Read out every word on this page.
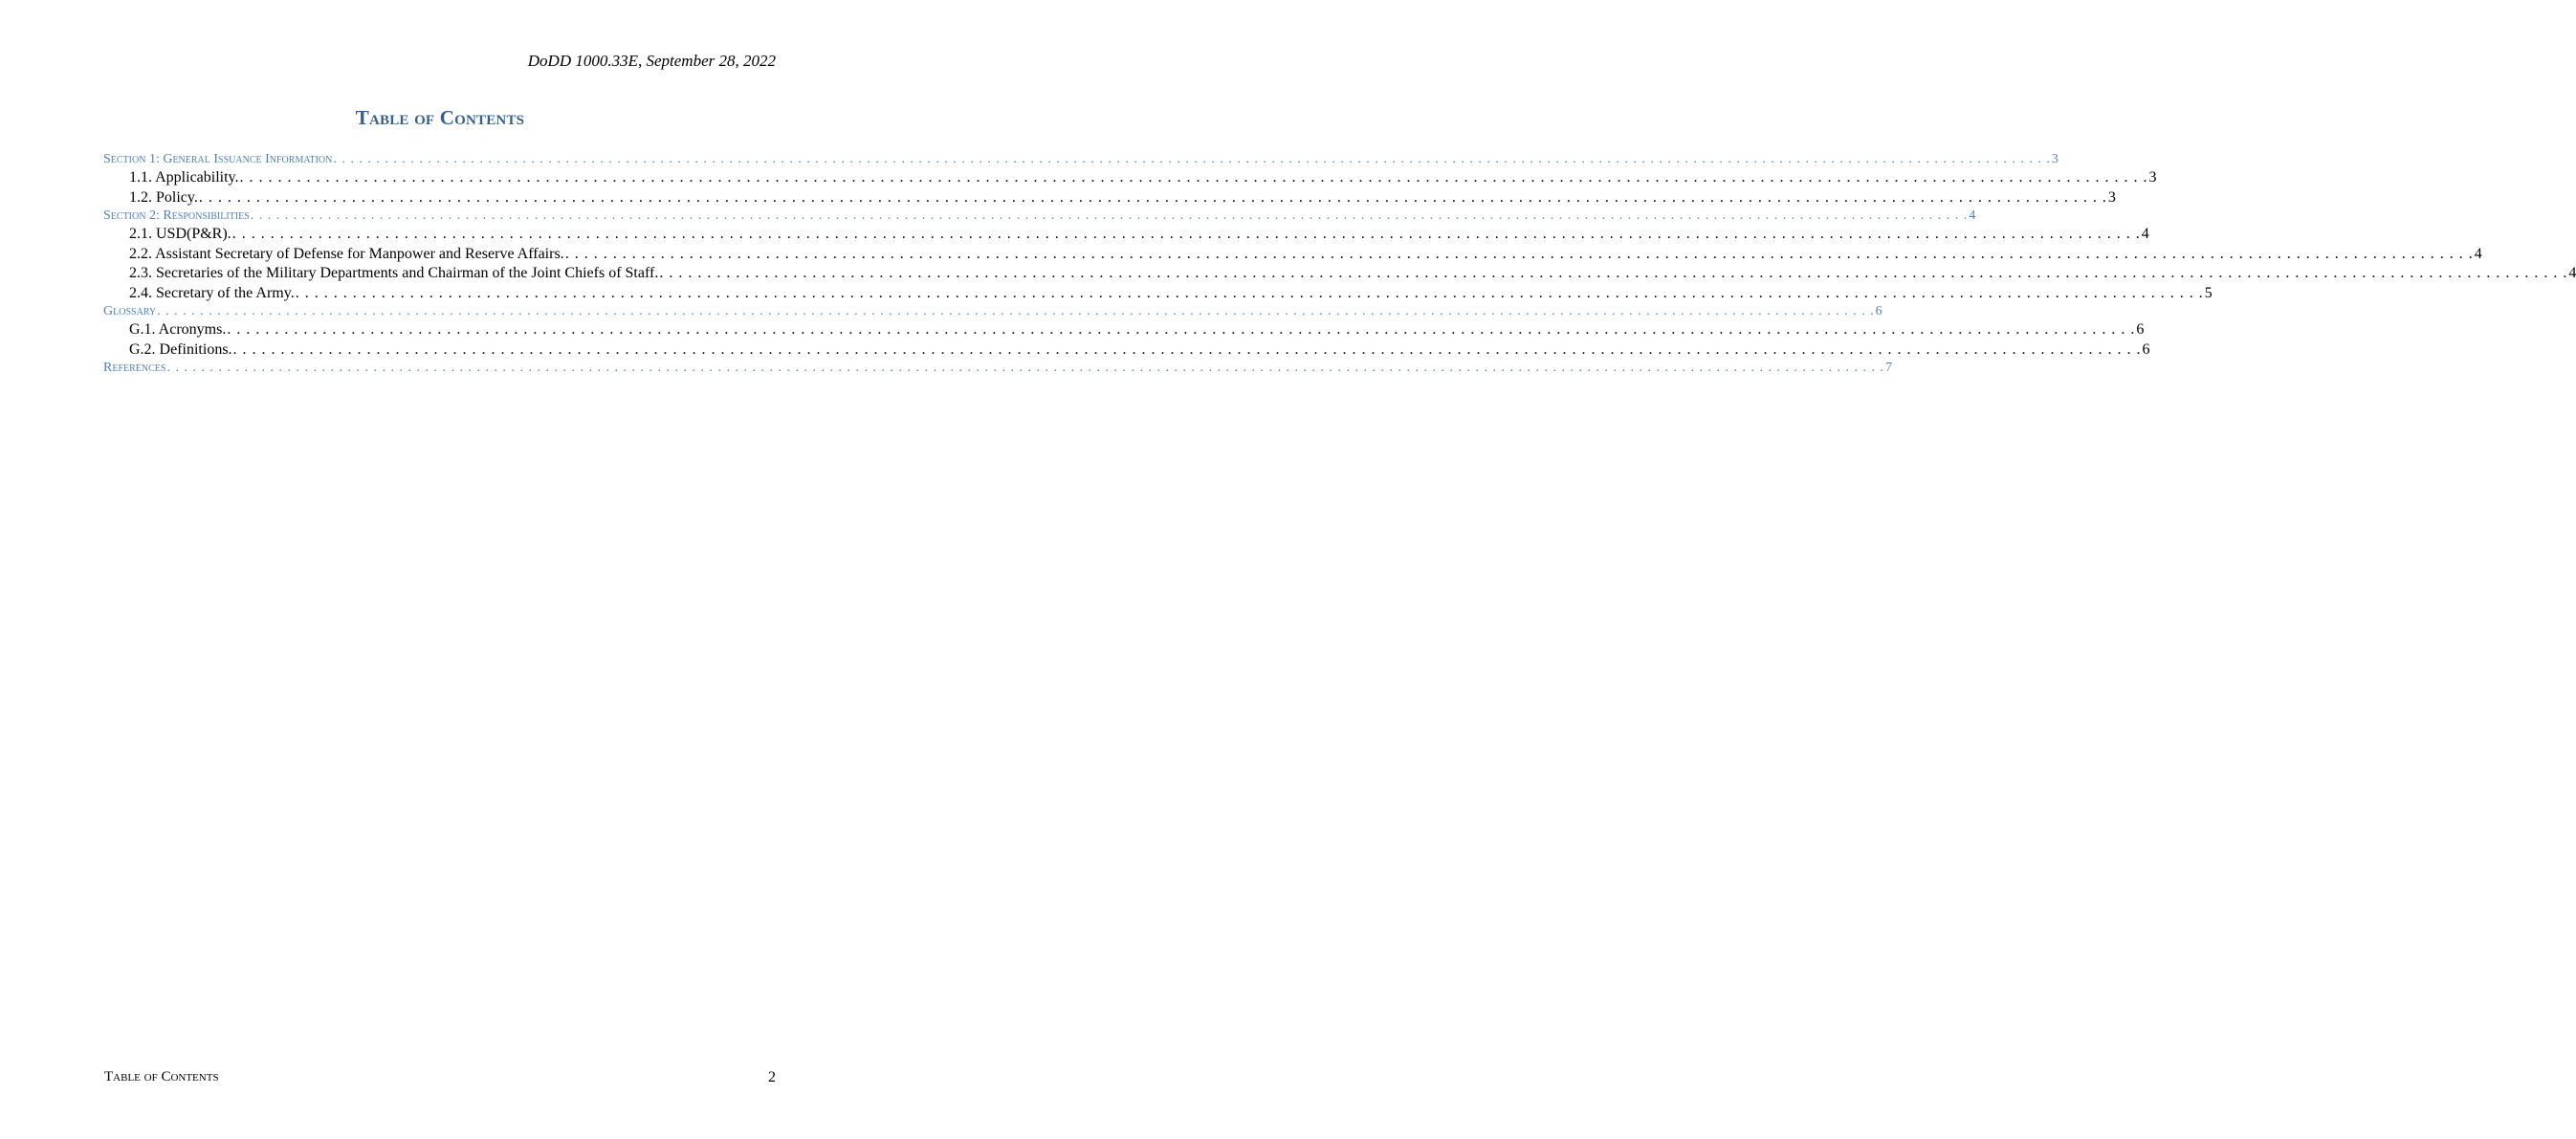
DoDD 1000.33E, September 28, 2022
Table of Contents
Section 1: General Issuance Information . . . . . . . . . . . . . . . . . . . . . . . . . . . . . . . . . . . . . . . . . . . . . . . . . . . . . . . . . . . . . . . . . . . . . . . . . . . . . . . . . . . . . . . . . . . . . . . . . . . . . . . . . . . . . . . . . . . . . . . . . . . . . . . . . . . . . . . . . . . . . . . . . . . . . . . . . . . . . . . . . . . . . . . . . . . . . . . . . . . . . . . . . . . . . . . . . . . . . . . . 3
1.1. Applicability. . . . . . . . . . . . . . . . . . . . . . . . . . . . . . . . . . . . . . . . . . . . . . . . . . . . . . . . . . . . . . . . . . . . . . . . . . . . . . . . . . . . . . . . . . . . . . . . . . . . . . . . . . . . . . . . . . . . . . . . . . . . . . . . . . . . . . . . . . . . . . . . . . . . . . . . . . . . . . . . . . . . . . . . . . . . . . . . . . . . . . . . . . . . . . . . . . . . . . . . . 3
1.2. Policy. . . . . . . . . . . . . . . . . . . . . . . . . . . . . . . . . . . . . . . . . . . . . . . . . . . . . . . . . . . . . . . . . . . . . . . . . . . . . . . . . . . . . . . . . . . . . . . . . . . . . . . . . . . . . . . . . . . . . . . . . . . . . . . . . . . . . . . . . . . . . . . . . . . . . . . . . . . . . . . . . . . . . . . . . . . . . . . . . . . . . . . . . . . . . . . . . . . . . . . . . 3
Section 2: Responsibilities . . . . . . . . . . . . . . . . . . . . . . . . . . . . . . . . . . . . . . . . . . . . . . . . . . . . . . . . . . . . . . . . . . . . . . . . . . . . . . . . . . . . . . . . . . . . . . . . . . . . . . . . . . . . . . . . . . . . . . . . . . . . . . . . . . . . . . . . . . . . . . . . . . . . . . . . . . . . . . . . . . . . . . . . . . . . . . . . . . . . . . . . . . . . . . . . . . . . . . . . 4
2.1. USD(P&R). . . . . . . . . . . . . . . . . . . . . . . . . . . . . . . . . . . . . . . . . . . . . . . . . . . . . . . . . . . . . . . . . . . . . . . . . . . . . . . . . . . . . . . . . . . . . . . . . . . . . . . . . . . . . . . . . . . . . . . . . . . . . . . . . . . . . . . . . . . . . . . . . . . . . . . . . . . . . . . . . . . . . . . . . . . . . . . . . . . . . . . . . . . . . . . . . . . . . . . . . 4
2.2. Assistant Secretary of Defense for Manpower and Reserve Affairs. . . . . . . . . . . . . . . . . . . . . . . . . . . . . . . . . . . . . . . . . . . . . . . . . . . . . . . . . . . . . . . . . . . . . . . . . . . . . . . . . . . . . . . . . . . . . . . . . . . . . . . . . . . . . . . . . . . . . . . . . . . . . . . . . . . . . . . . . . . . . . . . . . . . . . . . . . . . . . . . . . . . . . . . . . . . . . . . . . . . . . . . . . . . . . . . . . . . . . . . . 4
2.3. Secretaries of the Military Departments and Chairman of the Joint Chiefs of Staff. . . . . . . . . . . . . . . . . . . . . . . . . . . . . . . . . . . . . . . . . . . . . . . . . . . . . . . . . . . . . . . . . . . . . . . . . . . . . . . . . . . . . . . . . . . . . . . . . . . . . . . . . . . . . . . . . . . . . . . . . . . . . . . . . . . . . . . . . . . . . . . . . . . . . . . . . . . . . . . . . . . . . . . . . . . . . . . . . . . . . . . . . . . . . . . . . . . . . . . . . 4
2.4. Secretary of the Army. . . . . . . . . . . . . . . . . . . . . . . . . . . . . . . . . . . . . . . . . . . . . . . . . . . . . . . . . . . . . . . . . . . . . . . . . . . . . . . . . . . . . . . . . . . . . . . . . . . . . . . . . . . . . . . . . . . . . . . . . . . . . . . . . . . . . . . . . . . . . . . . . . . . . . . . . . . . . . . . . . . . . . . . . . . . . . . . . . . . . . . . . . . . . . . . . . . . . . . . . 5
Glossary . . . . . . . . . . . . . . . . . . . . . . . . . . . . . . . . . . . . . . . . . . . . . . . . . . . . . . . . . . . . . . . . . . . . . . . . . . . . . . . . . . . . . . . . . . . . . . . . . . . . . . . . . . . . . . . . . . . . . . . . . . . . . . . . . . . . . . . . . . . . . . . . . . . . . . . . . . . . . . . . . . . . . . . . . . . . . . . . . . . . . . . . . . . . . . . . . . . . . . . . 6
G.1. Acronyms. . . . . . . . . . . . . . . . . . . . . . . . . . . . . . . . . . . . . . . . . . . . . . . . . . . . . . . . . . . . . . . . . . . . . . . . . . . . . . . . . . . . . . . . . . . . . . . . . . . . . . . . . . . . . . . . . . . . . . . . . . . . . . . . . . . . . . . . . . . . . . . . . . . . . . . . . . . . . . . . . . . . . . . . . . . . . . . . . . . . . . . . . . . . . . . . . . . . . . . . . 6
G.2. Definitions. . . . . . . . . . . . . . . . . . . . . . . . . . . . . . . . . . . . . . . . . . . . . . . . . . . . . . . . . . . . . . . . . . . . . . . . . . . . . . . . . . . . . . . . . . . . . . . . . . . . . . . . . . . . . . . . . . . . . . . . . . . . . . . . . . . . . . . . . . . . . . . . . . . . . . . . . . . . . . . . . . . . . . . . . . . . . . . . . . . . . . . . . . . . . . . . . . . . . . . . . 6
References . . . . . . . . . . . . . . . . . . . . . . . . . . . . . . . . . . . . . . . . . . . . . . . . . . . . . . . . . . . . . . . . . . . . . . . . . . . . . . . . . . . . . . . . . . . . . . . . . . . . . . . . . . . . . . . . . . . . . . . . . . . . . . . . . . . . . . . . . . . . . . . . . . . . . . . . . . . . . . . . . . . . . . . . . . . . . . . . . . . . . . . . . . . . . . . . . . . . . . . . 7
Table of Contents	2
